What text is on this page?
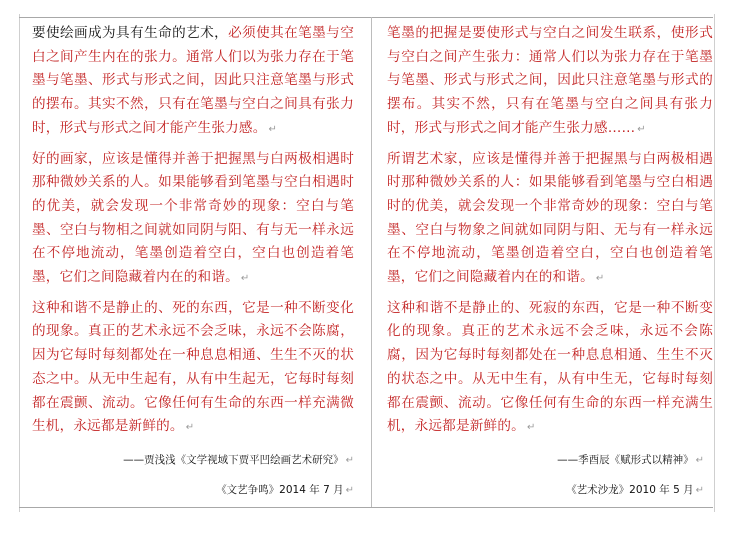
要使绘画成为具有生命的艺术，必须使其在笔墨与空白之间产生内在的张力。通常人们以为张力存在于笔墨与笔墨、形式与形式之间，因此只注意笔墨与形式的摆布。其实不然，只有在笔墨与空白之间具有张力时，形式与形式之间才能产生张力感。 ↵

好的画家，应该是懂得并善于把握黑与白两极相遇时那种微妙关系的人。如果能够看到笔墨与空白相遇时的优美，就会发现一个非常奇妙的现象：空白与笔墨、空白与物相之间就如同阴与阳、有与无一样永远在不停地流动，笔墨创造着空白，空白也创造着笔墨，它们之间隐藏着内在的和谐。 ↵

这种和谐不是静止的、死的东西，它是一种不断变化的现象。真正的艺术永远不会乏味，永远不会陈腐，因为它每时每刻都处在一种息息相通、生生不灭的状态之中。从无中生起有，从有中生起无，它每时每刻都在震颤、流动。它像任何有生命的东西一样充满微生机，永远都是新鲜的。 ↵

——贾浅浅《文学视域下贾平凹绘画艺术研究》 ↵

《文艺争鸣》2014 年 7 月 ↵

笔墨的把握是要使形式与空白之间发生联系，使形式与空白之间产生张力：通常人们以为张力存在于笔墨与笔墨、形式与形式之间，因此只注意笔墨与形式的摆布。其实不然，只有在笔墨与空白之间具有张力时，形式与形式之间才能产生张力感…… ↵

所谓艺术家，应该是懂得并善于把握黑与白两极相遇时那种微妙关系的人：如果能够看到笔墨与空白相遇时的优美，就会发现一个非常奇妙的现象：空白与笔墨、空白与物象之间就如同阴与阳、无与有一样永远在不停地流动，笔墨创造着空白，空白也创造着笔墨，它们之间隐藏着内在的和谐。 ↵

这种和谐不是静止的、死寂的东西，它是一种不断变化的现象。真正的艺术永远不会乏味，永远不会陈腐，因为它每时每刻都处在一种息息相通、生生不灭的状态之中。从无中生有，从有中生无，它每时每刻都在震颤、流动。它像任何有生命的东西一样充满生机，永远都是新鲜的。 ↵

——季酉辰《赋形式以精神》 ↵

《艺术沙龙》2010 年 5 月 ↵
